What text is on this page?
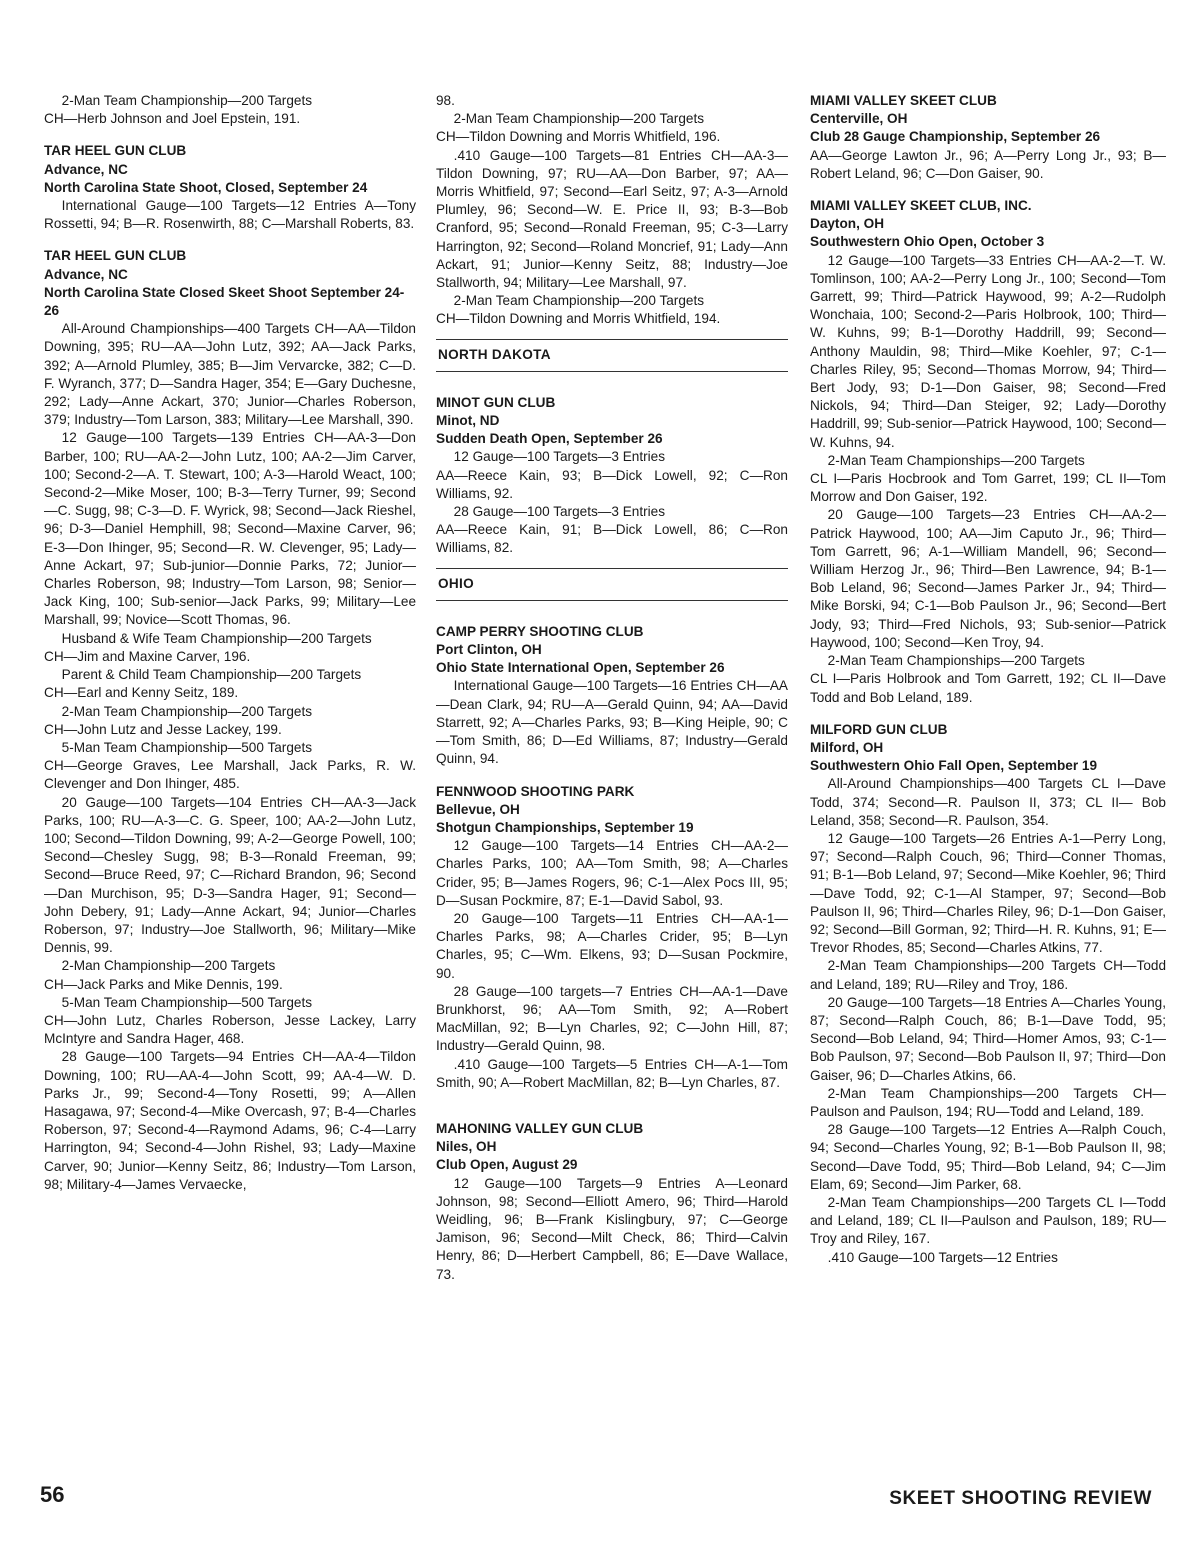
2-Man Team Championship—200 Targets
CH—Herb Johnson and Joel Epstein, 191.
TAR HEEL GUN CLUB
Advance, NC
North Carolina State Shoot, Closed, September 24
International Gauge—100 Targets—12 Entries A—Tony Rossetti, 94; B—R. Rosenwirth, 88; C—Marshall Roberts, 83.
TAR HEEL GUN CLUB
Advance, NC
North Carolina State Closed Skeet Shoot September 24-26
All-Around Championships—400 Targets CH—AA—Tildon Downing, 395; RU—AA—John Lutz, 392; AA—Jack Parks, 392; A—Arnold Plumley, 385; B—Jim Vervarcke, 382; C—D. F. Wyranch, 377; D—Sandra Hager, 354; E—Gary Duchesne, 292; Lady—Anne Ackart, 370; Junior—Charles Roberson, 379; Industry—Tom Larson, 383; Military—Lee Marshall, 390.
12 Gauge—100 Targets—139 Entries CH—AA-3—Don Barber, 100; RU—AA-2—John Lutz, 100; AA-2—Jim Carver, 100; Second-2—A. T. Stewart, 100; A-3—Harold Weact, 100; Second-2—Mike Moser, 100; B-3—Terry Turner, 99; Second—C. Sugg, 98; C-3—D. F. Wyrick, 98; Second—Jack Rieshel, 96; D-3—Daniel Hemphill, 98; Second—Maxine Carver, 96; E-3—Don Ihinger, 95; Second—R. W. Clevenger, 95; Lady—Anne Ackart, 97; Sub-junior—Donnie Parks, 72; Junior—Charles Roberson, 98; Industry—Tom Larson, 98; Senior—Jack King, 100; Sub-senior—Jack Parks, 99; Military—Lee Marshall, 99; Novice—Scott Thomas, 96.
Husband & Wife Team Championship—200 Targets
CH—Jim and Maxine Carver, 196.
Parent & Child Team Championship—200 Targets
CH—Earl and Kenny Seitz, 189.
2-Man Team Championship—200 Targets
CH—John Lutz and Jesse Lackey, 199.
5-Man Team Championship—500 Targets
CH—George Graves, Lee Marshall, Jack Parks, R. W. Clevenger and Don Ihinger, 485.
20 Gauge—100 Targets—104 Entries CH—AA-3—Jack Parks, 100; RU—A-3—C. G. Speer, 100; AA-2—John Lutz, 100; Second—Tildon Downing, 99; A-2—George Powell, 100; Second—Chesley Sugg, 98; B-3—Ronald Freeman, 99; Second—Bruce Reed, 97; C—Richard Brandon, 96; Second—Dan Murchison, 95; D-3—Sandra Hager, 91; Second—John Debery, 91; Lady—Anne Ackart, 94; Junior—Charles Roberson, 97; Industry—Joe Stallworth, 96; Military—Mike Dennis, 99.
2-Man Championship—200 Targets
CH—Jack Parks and Mike Dennis, 199.
5-Man Team Championship—500 Targets
CH—John Lutz, Charles Roberson, Jesse Lackey, Larry McIntyre and Sandra Hager, 468.
28 Gauge—100 Targets—94 Entries CH—AA-4—Tildon Downing, 100; RU—AA-4—John Scott, 99; AA-4—W. D. Parks Jr., 99; Second-4—Tony Rosetti, 99; A—Allen Hasagawa, 97; Second-4—Mike Overcash, 97; B-4—Charles Roberson, 97; Second-4—Raymond Adams, 96; C-4—Larry Harrington, 94; Second-4—John Rishel, 93; Lady—Maxine Carver, 90; Junior—Kenny Seitz, 86; Industry—Tom Larson, 98; Military-4—James Vervaecke,
98.
2-Man Team Championship—200 Targets
CH—Tildon Downing and Morris Whitfield, 196.
.410 Gauge—100 Targets—81 Entries CH—AA-3—Tildon Downing, 97; RU—AA—Don Barber, 97; AA—Morris Whitfield, 97; Second—Earl Seitz, 97; A-3—Arnold Plumley, 96; Second—W. E. Price II, 93; B-3—Bob Cranford, 95; Second—Ronald Freeman, 95; C-3—Larry Harrington, 92; Second—Roland Moncrief, 91; Lady—Ann Ackart, 91; Junior—Kenny Seitz, 88; Industry—Joe Stallworth, 94; Military—Lee Marshall, 97.
2-Man Team Championship—200 Targets
CH—Tildon Downing and Morris Whitfield, 194.
NORTH DAKOTA
MINOT GUN CLUB
Minot, ND
Sudden Death Open, September 26
12 Gauge—100 Targets—3 Entries
AA—Reece Kain, 93; B—Dick Lowell, 92; C—Ron Williams, 92.
28 Gauge—100 Targets—3 Entries
AA—Reece Kain, 91; B—Dick Lowell, 86; C—Ron Williams, 82.
OHIO
CAMP PERRY SHOOTING CLUB
Port Clinton, OH
Ohio State International Open, September 26
International Gauge—100 Targets—16 Entries CH—AA—Dean Clark, 94; RU—A—Gerald Quinn, 94; AA—David Starrett, 92; A—Charles Parks, 93; B—King Heiple, 90; C—Tom Smith, 86; D—Ed Williams, 87; Industry—Gerald Quinn, 94.
FENNWOOD SHOOTING PARK
Bellevue, OH
Shotgun Championships, September 19
12 Gauge—100 Targets—14 Entries CH—AA-2—Charles Parks, 100; AA—Tom Smith, 98; A—Charles Crider, 95; B—James Rogers, 96; C-1—Alex Pocs III, 95; D—Susan Pockmire, 87; E-1—David Sabol, 93.
20 Gauge—100 Targets—11 Entries CH—AA-1—Charles Parks, 98; A—Charles Crider, 95; B—Lyn Charles, 95; C—Wm. Elkens, 93; D—Susan Pockmire, 90.
28 Gauge—100 targets—7 Entries CH—AA-1—Dave Brunkhorst, 96; AA—Tom Smith, 92; A—Robert MacMillan, 92; B—Lyn Charles, 92; C—John Hill, 87; Industry—Gerald Quinn, 98.
.410 Gauge—100 Targets—5 Entries CH—A-1—Tom Smith, 90; A—Robert MacMillan, 82; B—Lyn Charles, 87.
MAHONING VALLEY GUN CLUB
Niles, OH
Club Open, August 29
12 Gauge—100 Targets—9 Entries A—Leonard Johnson, 98; Second—Elliott Amero, 96; Third—Harold Weidling, 96; B—Frank Kislingbury, 97; C—George Jamison, 96; Second—Milt Check, 86; Third—Calvin Henry, 86; D—Herbert Campbell, 86; E—Dave Wallace, 73.
MIAMI VALLEY SKEET CLUB
Centerville, OH
Club 28 Gauge Championship, September 26
AA—George Lawton Jr., 96; A—Perry Long Jr., 93; B—Robert Leland, 96; C—Don Gaiser, 90.
MIAMI VALLEY SKEET CLUB, INC.
Dayton, OH
Southwestern Ohio Open, October 3
12 Gauge—100 Targets—33 Entries CH—AA-2—T. W. Tomlinson, 100; AA-2—Perry Long Jr., 100; Second—Tom Garrett, 99; Third—Patrick Haywood, 99; A-2—Rudolph Wonchaia, 100; Second-2—Paris Holbrook, 100; Third—W. Kuhns, 99; B-1—Dorothy Haddrill, 99; Second—Anthony Mauldin, 98; Third—Mike Koehler, 97; C-1—Charles Riley, 95; Second—Thomas Morrow, 94; Third—Bert Jody, 93; D-1—Don Gaiser, 98; Second—Fred Nickols, 94; Third—Dan Steiger, 92; Lady—Dorothy Haddrill, 99; Sub-senior—Patrick Haywood, 100; Second—W. Kuhns, 94.
2-Man Team Championships—200 Targets
CL I—Paris Hocbrook and Tom Garret, 199; CL II—Tom Morrow and Don Gaiser, 192.
20 Gauge—100 Targets—23 Entries CH—AA-2—Patrick Haywood, 100; AA—Jim Caputo Jr., 96; Third—Tom Garrett, 96; A-1—William Mandell, 96; Second—William Herzog Jr., 96; Third—Ben Lawrence, 94; B-1—Bob Leland, 96; Second—James Parker Jr., 94; Third—Mike Borski, 94; C-1—Bob Paulson Jr., 96; Second—Bert Jody, 93; Third—Fred Nichols, 93; Sub-senior—Patrick Haywood, 100; Second—Ken Troy, 94.
2-Man Team Championships—200 Targets
CL I—Paris Holbrook and Tom Garrett, 192; CL II—Dave Todd and Bob Leland, 189.
MILFORD GUN CLUB
Milford, OH
Southwestern Ohio Fall Open, September 19
All-Around Championships—400 Targets CL I—Dave Todd, 374; Second—R. Paulson II, 373; CL II— Bob Leland, 358; Second—R. Paulson, 354.
12 Gauge—100 Targets—26 Entries A-1—Perry Long, 97; Second—Ralph Couch, 96; Third—Conner Thomas, 91; B-1—Bob Leland, 97; Second—Mike Koehler, 96; Third—Dave Todd, 92; C-1—Al Stamper, 97; Second—Bob Paulson II, 96; Third—Charles Riley, 96; D-1—Don Gaiser, 92; Second—Bill Gorman, 92; Third—H. R. Kuhns, 91; E—Trevor Rhodes, 85; Second—Charles Atkins, 77.
2-Man Team Championships—200 Targets CH—Todd and Leland, 189; RU—Riley and Troy, 186.
20 Gauge—100 Targets—18 Entries A—Charles Young, 87; Second—Ralph Couch, 86; B-1—Dave Todd, 95; Second—Bob Leland, 94; Third—Homer Amos, 93; C-1—Bob Paulson, 97; Second—Bob Paulson II, 97; Third—Don Gaiser, 96; D—Charles Atkins, 66.
2-Man Team Championships—200 Targets CH—Paulson and Paulson, 194; RU—Todd and Leland, 189.
28 Gauge—100 Targets—12 Entries A—Ralph Couch, 94; Second—Charles Young, 92; B-1—Bob Paulson II, 98; Second—Dave Todd, 95; Third—Bob Leland, 94; C—Jim Elam, 69; Second—Jim Parker, 68.
2-Man Team Championships—200 Targets CL I—Todd and Leland, 189; CL II—Paulson and Paulson, 189; RU—Troy and Riley, 167.
.410 Gauge—100 Targets—12 Entries
56	SKEET SHOOTING REVIEW
